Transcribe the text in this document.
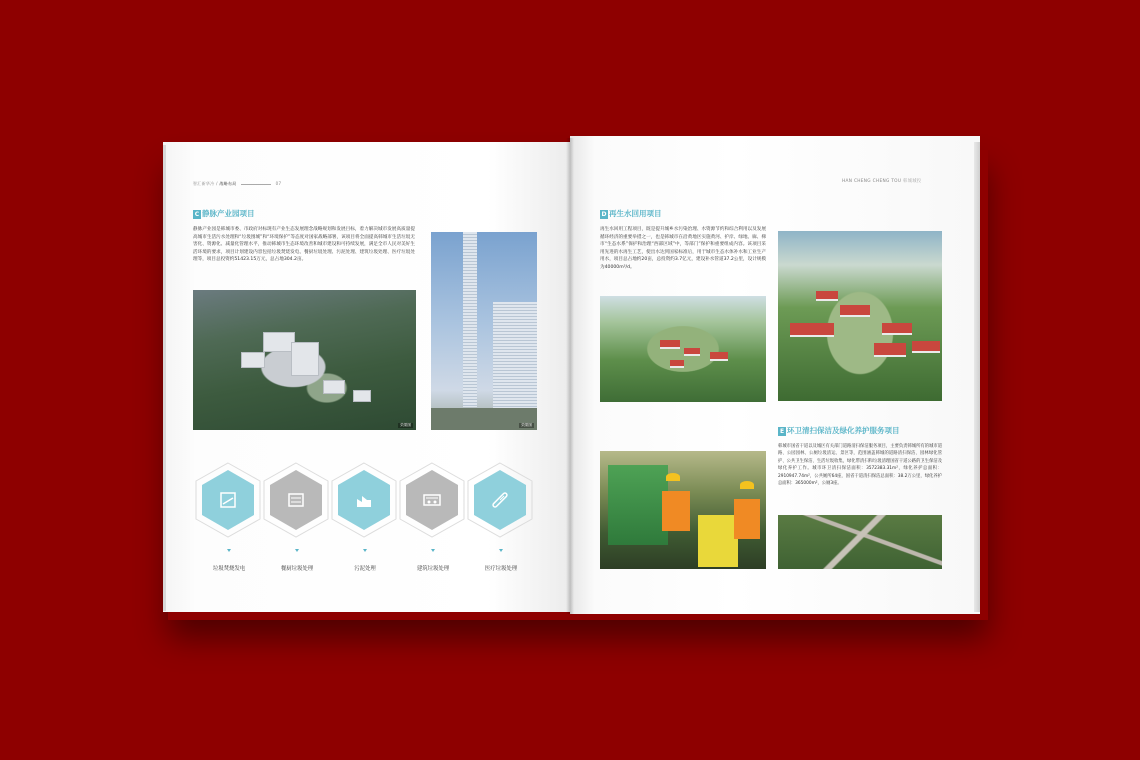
智汇新华冷 / 战略布局	07
C 静脉产业园项目
静脉产业园是韩城市委、市政府对标现有产业生态发展理念战略规划和发展目标，着力解决城市发展高质量提高城市生活污水处理和“垃圾围城”和“环境保护”等态度对国家战略部署，该项目将全面提高韩城市生活垃圾无害化、资源化、减量化管理水平，推动韩城市生态环境改善和城市建设和可持续发展，满足全市人民对美好生活环境的要求，项目计划建设内容包括垃圾焚烧发电、餐厨垃圾处理、污泥处理、建筑垃圾处理、医疗垃圾处理等，项目总投资约51423.15万元，总占地304.2亩。
效果图	效果图
垃圾焚烧发电	餐厨垃圾处理	污泥处理	建筑垃圾处理	医疗垃圾处理
HAN CHENG CHENG TOU 韩城城投
D 再生水回用项目
再生水回用工程项目，既是提升城乡水污染治理、水资源节约和综合利用以及发展循环经济的重要举措之一，也是韩城市在沿黄地区实施黄河、护岸、绿地、廊、梯市“生态水系”保护和治理“西部区域”中，等部门”保护和重要组成内容。该项目采用先进的水再生工艺，使出水达到国家标准后，用于城市生态水体补水和工业生产用水，项目总占地约20亩，总投资约3.7亿元，建设补水管道37.2公里，设计规模为40000m³/d。
E 环卫清扫保洁及绿化养护服务项目
韩城市国省干道以及城区有关部门道路清扫保洁服务项目，主要负责韩城所有的城市道路、公园园林、公厕垃圾清运、景区等，范围涵盖韩城的道路清扫保洁、园林绿化管护、公共卫生保洁、生活垃圾收集，绿化带清扫和垃圾清理国省干道公路的卫生保洁及绿化养护工作。城市环卫清扫保洁面积：3572383.31m²，绿化养护总面积：2910947.74m²，公共厕所64座，国省干道清扫保洁总面积：38.2万公里，绿化养护总面积：365000m²，公厕3座。
